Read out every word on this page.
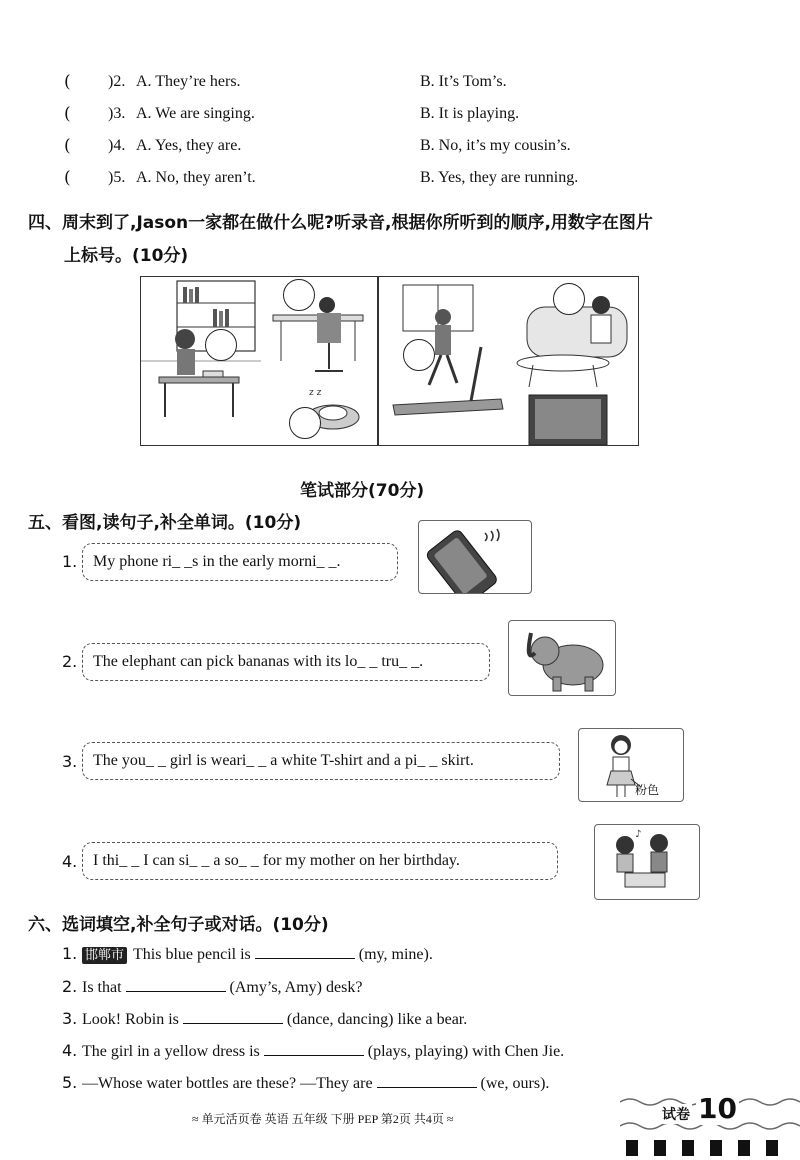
( )2. A. They’re hers.	B. It’s Tom’s.
( )3. A. We are singing.	B. It is playing.
( )4. A. Yes, they are.	B. No, it’s my cousin’s.
( )5. A. No, they aren’t.	B. Yes, they are running.
四、周末到了,Jason一家都在做什么呢?听录音,根据你所听到的顺序,用数字在图片
上标号。(10分)
z z
笔试部分(70分)
五、看图,读句子,补全单词。(10分)
1. My phone ri_ _s in the early morni_ _.
2. The elephant can pick bananas with its lo_ _ tru_ _.
3. The you_ _ girl is weari_ _ a white T-shirt and a pi_ _ skirt.
粉色
4. I thi_ _ I can si_ _ a so_ _ for my mother on her birthday.
♪
六、选词填空,补全句子或对话。(10分)
1. 邯郸市 This blue pencil is	(my, mine).
2. Is that	(Amy’s, Amy) desk?
3. Look! Robin is	(dance, dancing) like a bear.
4. The girl in a yellow dress is	(plays, playing) with Chen Jie.
5. —Whose water bottles are these? —They are	(we, ours).
≈ 单元活页卷 英语 五年级 下册 PEP 第2页 共4页 ≈	试卷 10
